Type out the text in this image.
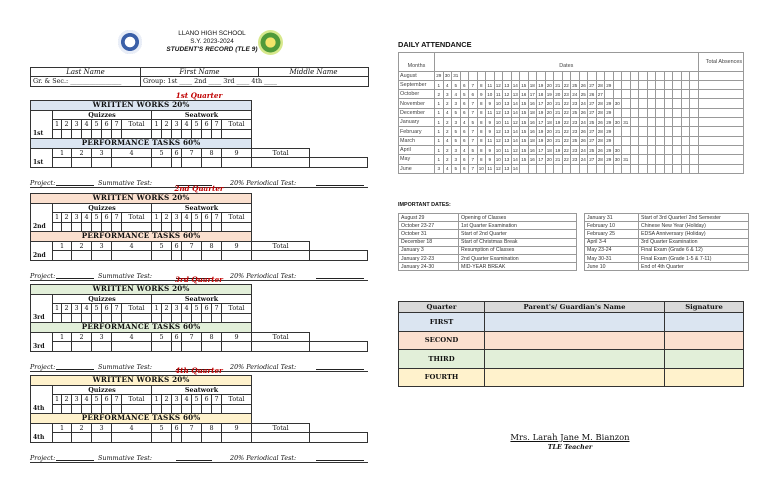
LLANO HIGH SCHOOL
S.Y. 2023-2024
STUDENT'S RECORD (TLE 9)

Last Name	First Name	Middle Name
Gr. & Sec.: ________________	Group: 1st ____ 2nd ____ 3rd ____ 4th ____	
1st Quarter
WRITTEN WORKS 20%																		
1st	Quizzes								Seatwork									
	1	2	3	4	5	6	7	Total	1	2	3	4	5	6	7	Total		

PERFORMANCE TASKS 60%																		
1st	1		2		3		4		5		6	7		8		9	Total	

Project:	Summative Test:	20% Periodical Test:
2nd Quarter
WRITTEN WORKS 20%																		
2nd	Quizzes								Seatwork									
	1	2	3	4	5	6	7	Total	1	2	3	4	5	6	7	Total		

PERFORMANCE TASKS 60%																		
2nd	1		2		3		4		5		6	7		8		9	Total	

Project:	Summative Test:	20% Periodical Test:
3rd Quarter
WRITTEN WORKS 20%																		
3rd	Quizzes								Seatwork									
	1	2	3	4	5	6	7	Total	1	2	3	4	5	6	7	Total		

PERFORMANCE TASKS 60%																		
3rd	1		2		3		4		5		6	7		8		9	Total	

Project:	Summative Test:	20% Periodical Test:
4th Quarter
WRITTEN WORKS 20%																		
4th	Quizzes								Seatwork									
	1	2	3	4	5	6	7	Total	1	2	3	4	5	6	7	Total		

PERFORMANCE TASKS 60%																		
4th	1		2		3		4		5		6	7		8		9	Total	

Project:	Summative Test:	20% Periodical Test:
DAILY ATTENDANCE
																																Total Absences
Months	Dates																															
August	29	30	31																													
September	1	4	5	6	7	8	11	12	13	14	15	18	19	20	21	22	25	26	27	28	29											
October	2	3	4	5	6	9	10	11	12	13	16	17	18	19	20	23	24	25	26	27												
November	1	2	3	6	7	8	9	10	13	14	15	16	17	20	21	22	23	24	27	28	29	30										
December	1	4	5	6	7	8	11	12	13	14	15	18	19	20	21	22	25	26	27	28	29											
January	1	2	3	4	5	8	9	10	11	12	15	16	17	18	19	22	23	24	25	26	29	30	31									
February	1	2	5	6	7	8	9	12	13	14	15	16	19	20	21	22	23	26	27	28	29											
March	1	4	5	6	7	8	11	12	13	14	15	18	19	20	21	22	25	26	27	28	29											
April	1	2	3	4	5	8	9	10	11	12	15	16	17	18	19	22	23	24	25	26	29	30										
May	1	2	3	6	7	8	9	10	13	14	15	16	17	20	21	22	23	24	27	28	29	30	31									
June	3	4	5	6	7	10	11	12	13	14																						
IMPORTANT DATES:
August 29	Opening of Classes
October 23-27	1st Quarter Examination
October 31	Start of 2nd Quarter
December 18	Start of Christmas Break
January 3	Resumption of Classes
January 22-23	2nd Quarter Examination
January 24-30	MID-YEAR BREAK
January 31	Start of 3rd Quarter/ 2nd Semester
February 10	Chinese New Year (Holiday)
February 25	EDSA Anniversary (Holiday)
April 3-4	3rd Quarter Examination
May 23-24	Final Exam (Grade 6 & 12)
May 30-31	Final Exam (Grade 1-5 & 7-11)
June 10	End of 4th Quarter
Quarter	Parent's/ Guardian's Name	Signature
FIRST		
SECOND		
THIRD		
FOURTH		
Mrs. Larah Jane M. Bianzon
TLE Teacher
